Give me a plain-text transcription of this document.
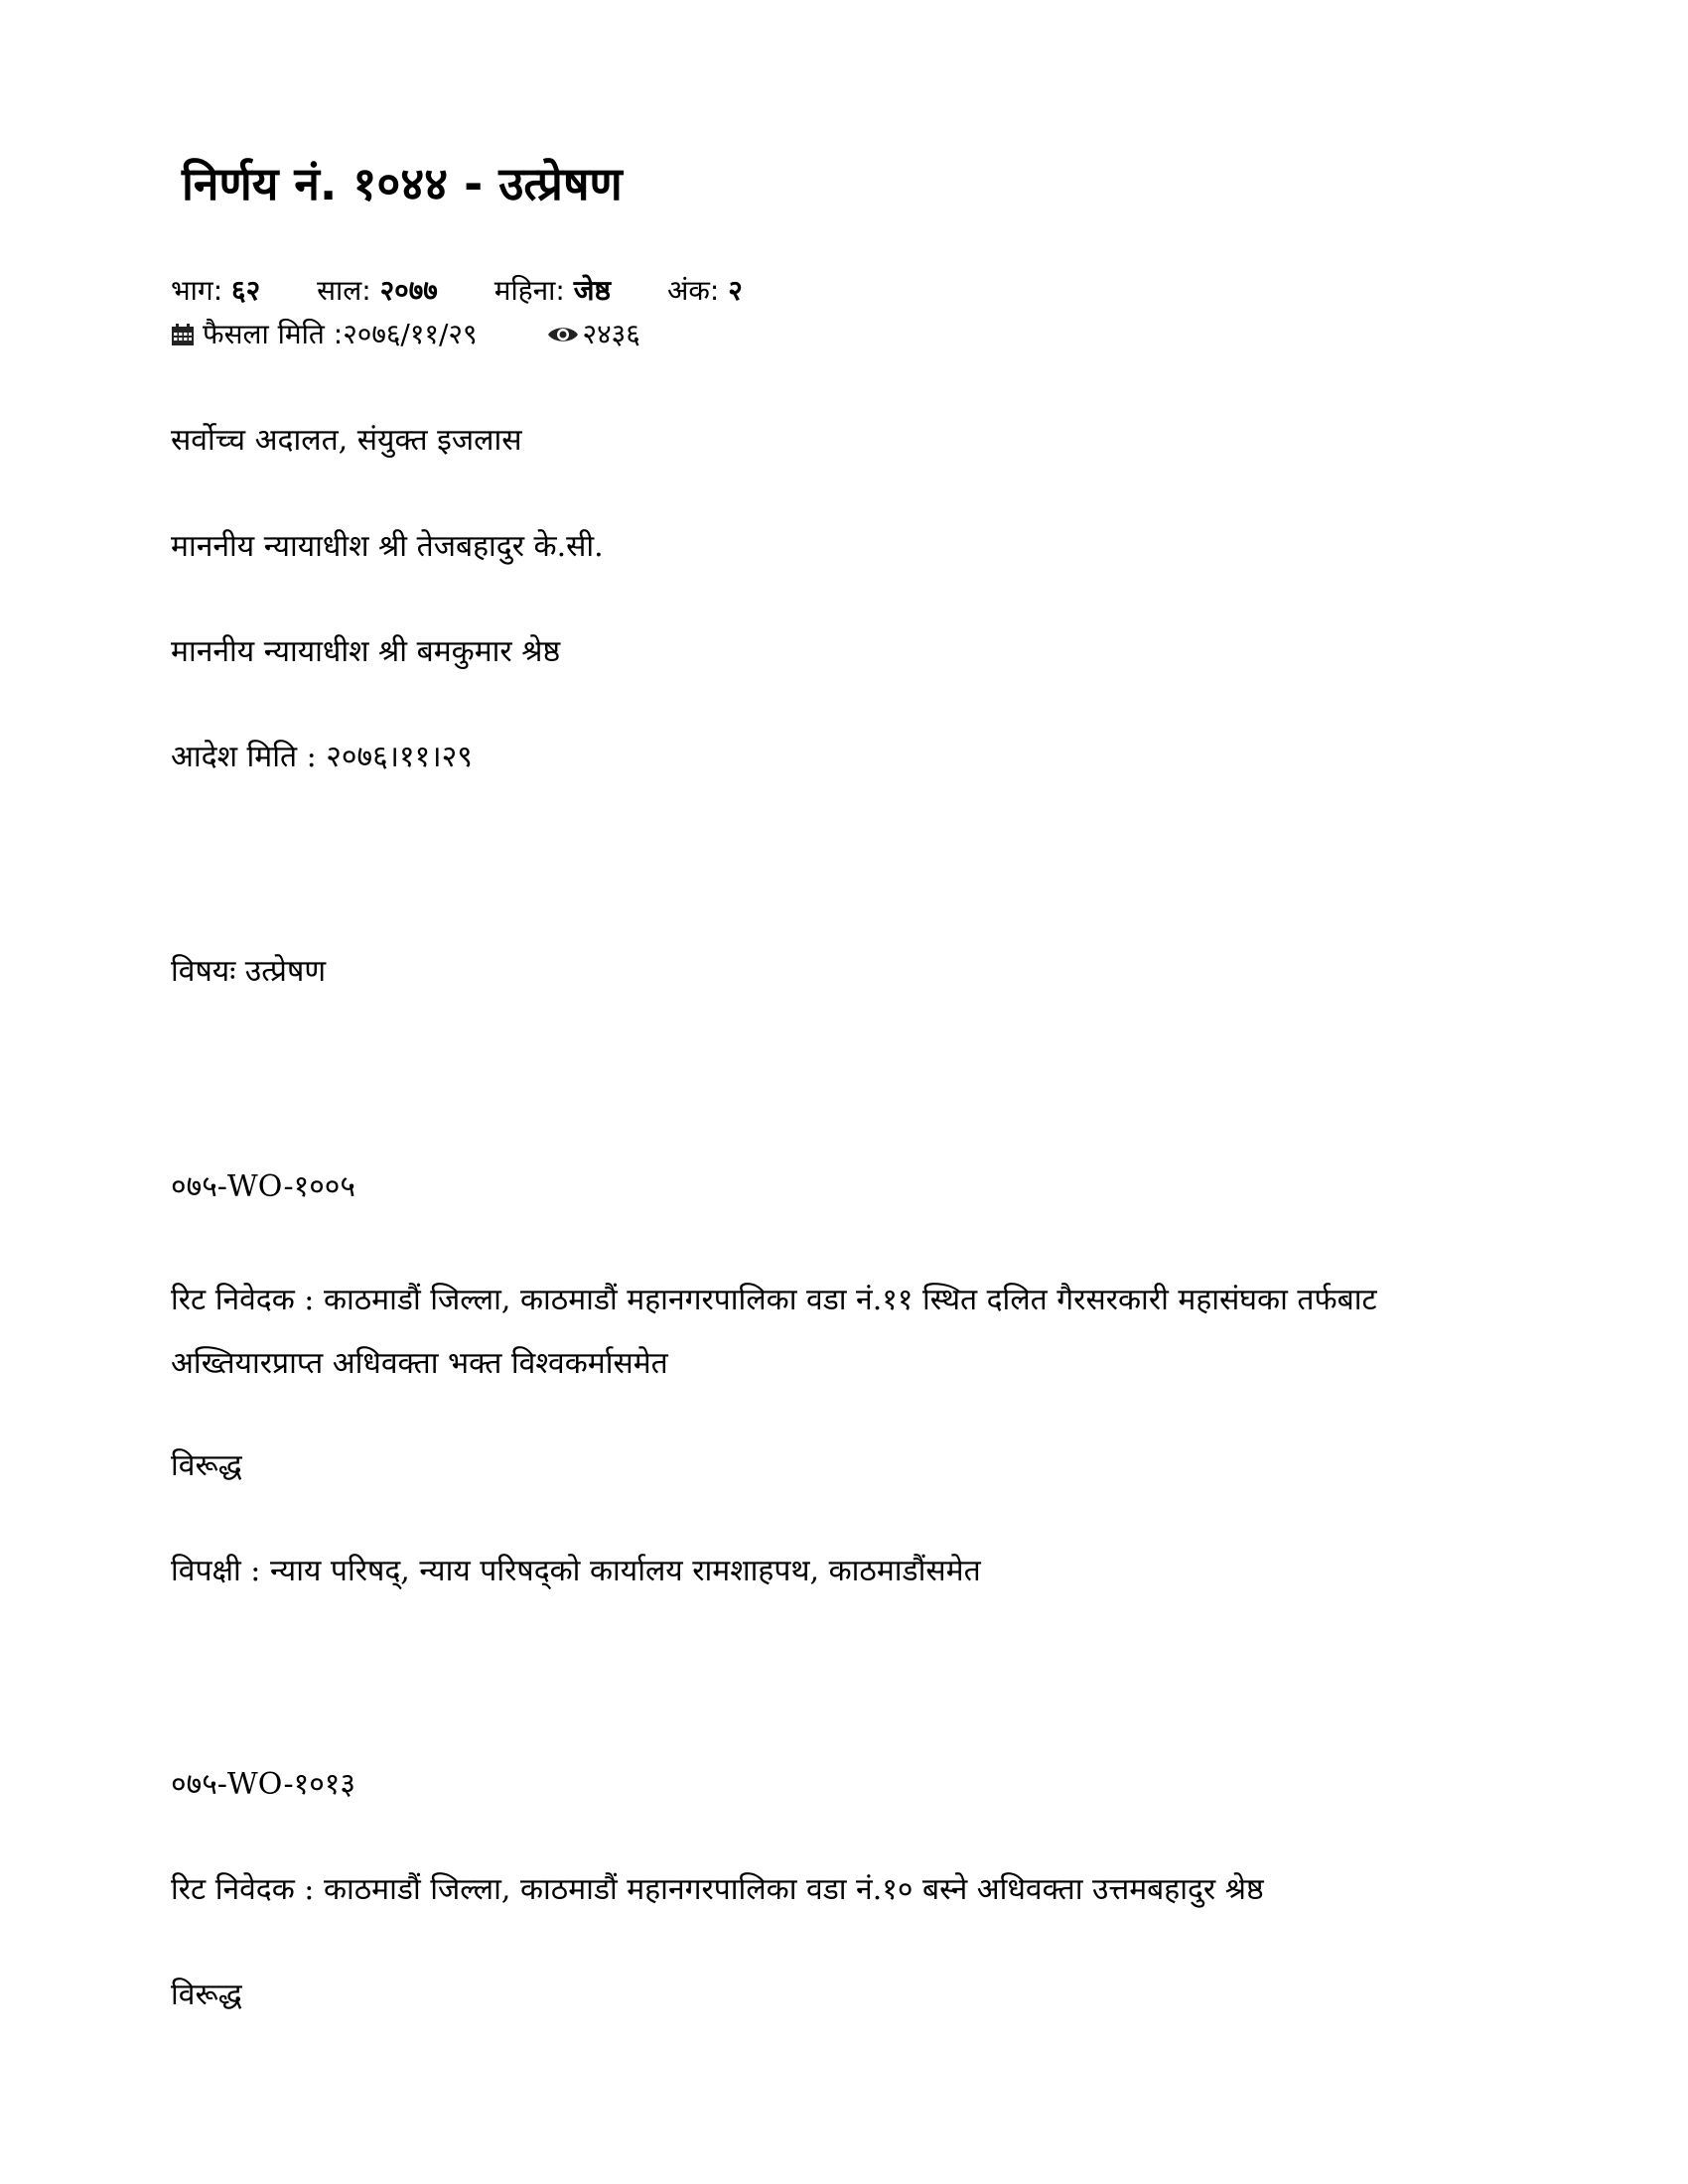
निर्णय नं. १०४४ - उत्प्रेषण
भाग: ६२ साल: २०७७ महिना: जेष्ठ अंक: २
फैसला मिति :२०७६/११/२९	२४३६

सर्वोच्च अदालत, संयुक्त इजलास

माननीय न्यायाधीश श्री तेजबहादुर के.सी.

माननीय न्यायाधीश श्री बमकुमार श्रेष्ठ

आदेश मिति : २०७६।११।२९

विषयः उत्प्रेषण

०७५-WO-१००५

रिट निवेदक : काठमाडौं जिल्ला, काठमाडौं महानगरपालिका वडा नं.११ स्थित दलित गैरसरकारी महासंघका तर्फबाट अख्तियारप्राप्त अधिवक्ता भक्त विश्वकर्मासमेत

विरूद्ध

विपक्षी : न्याय परिषद्, न्याय परिषद्को कार्यालय रामशाहपथ, काठमाडौंसमेत

०७५-WO-१०१३

रिट निवेदक : काठमाडौं जिल्ला, काठमाडौं महानगरपालिका वडा नं.१० बस्ने अधिवक्ता उत्तमबहादुर श्रेष्ठ

विरूद्ध
